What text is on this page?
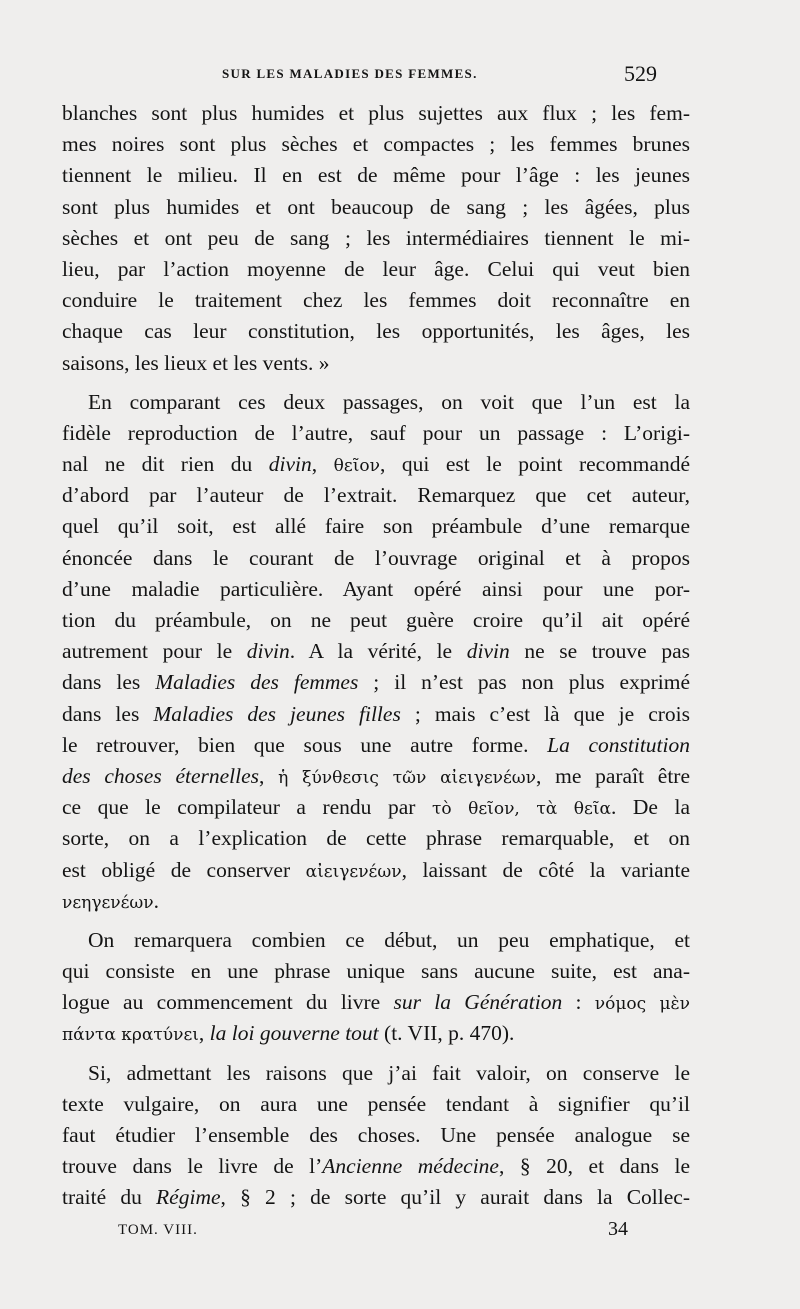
SUR LES MALADIES DES FEMMES.	529
blanches sont plus humides et plus sujettes aux flux ; les fem-
mes noires sont plus sèches et compactes ; les femmes brunes
tiennent le milieu. Il en est de même pour l’âge : les jeunes
sont plus humides et ont beaucoup de sang ; les âgées, plus
sèches et ont peu de sang ; les intermédiaires tiennent le mi-
lieu, par l’action moyenne de leur âge. Celui qui veut bien
conduire le traitement chez les femmes doit reconnaître en
chaque cas leur constitution, les opportunités, les âges, les
saisons, les lieux et les vents. »
En comparant ces deux passages, on voit que l’un est la
fidèle reproduction de l’autre, sauf pour un passage : L’origi-
nal ne dit rien du divin, θεῖον, qui est le point recommandé
d’abord par l’auteur de l’extrait. Remarquez que cet auteur,
quel qu’il soit, est allé faire son préambule d’une remarque
énoncée dans le courant de l’ouvrage original et à propos
d’une maladie particulière. Ayant opéré ainsi pour une por-
tion du préambule, on ne peut guère croire qu’il ait opéré
autrement pour le divin. A la vérité, le divin ne se trouve pas
dans les Maladies des femmes ; il n’est pas non plus exprimé
dans les Maladies des jeunes filles ; mais c’est là que je crois
le retrouver, bien que sous une autre forme. La constitution
des choses éternelles, ἡ ξύνθεσις τῶν αἰειγενέων, me paraît être
ce que le compilateur a rendu par τὸ θεῖον, τὰ θεῖα. De la
sorte, on a l’explication de cette phrase remarquable, et on
est obligé de conserver αἰειγενέων, laissant de côté la variante
νεηγενέων.
On remarquera combien ce début, un peu emphatique, et
qui consiste en une phrase unique sans aucune suite, est ana-
logue au commencement du livre sur la Génération : νόμος μὲν
πάντα κρατύνει, la loi gouverne tout (t. VII, p. 470).
Si, admettant les raisons que j’ai fait valoir, on conserve le
texte vulgaire, on aura une pensée tendant à signifier qu’il
faut étudier l’ensemble des choses. Une pensée analogue se
trouve dans le livre de l’Ancienne médecine, § 20, et dans le
traité du Régime, § 2 ; de sorte qu’il y aurait dans la Collec-
TOM. VIII.	34
